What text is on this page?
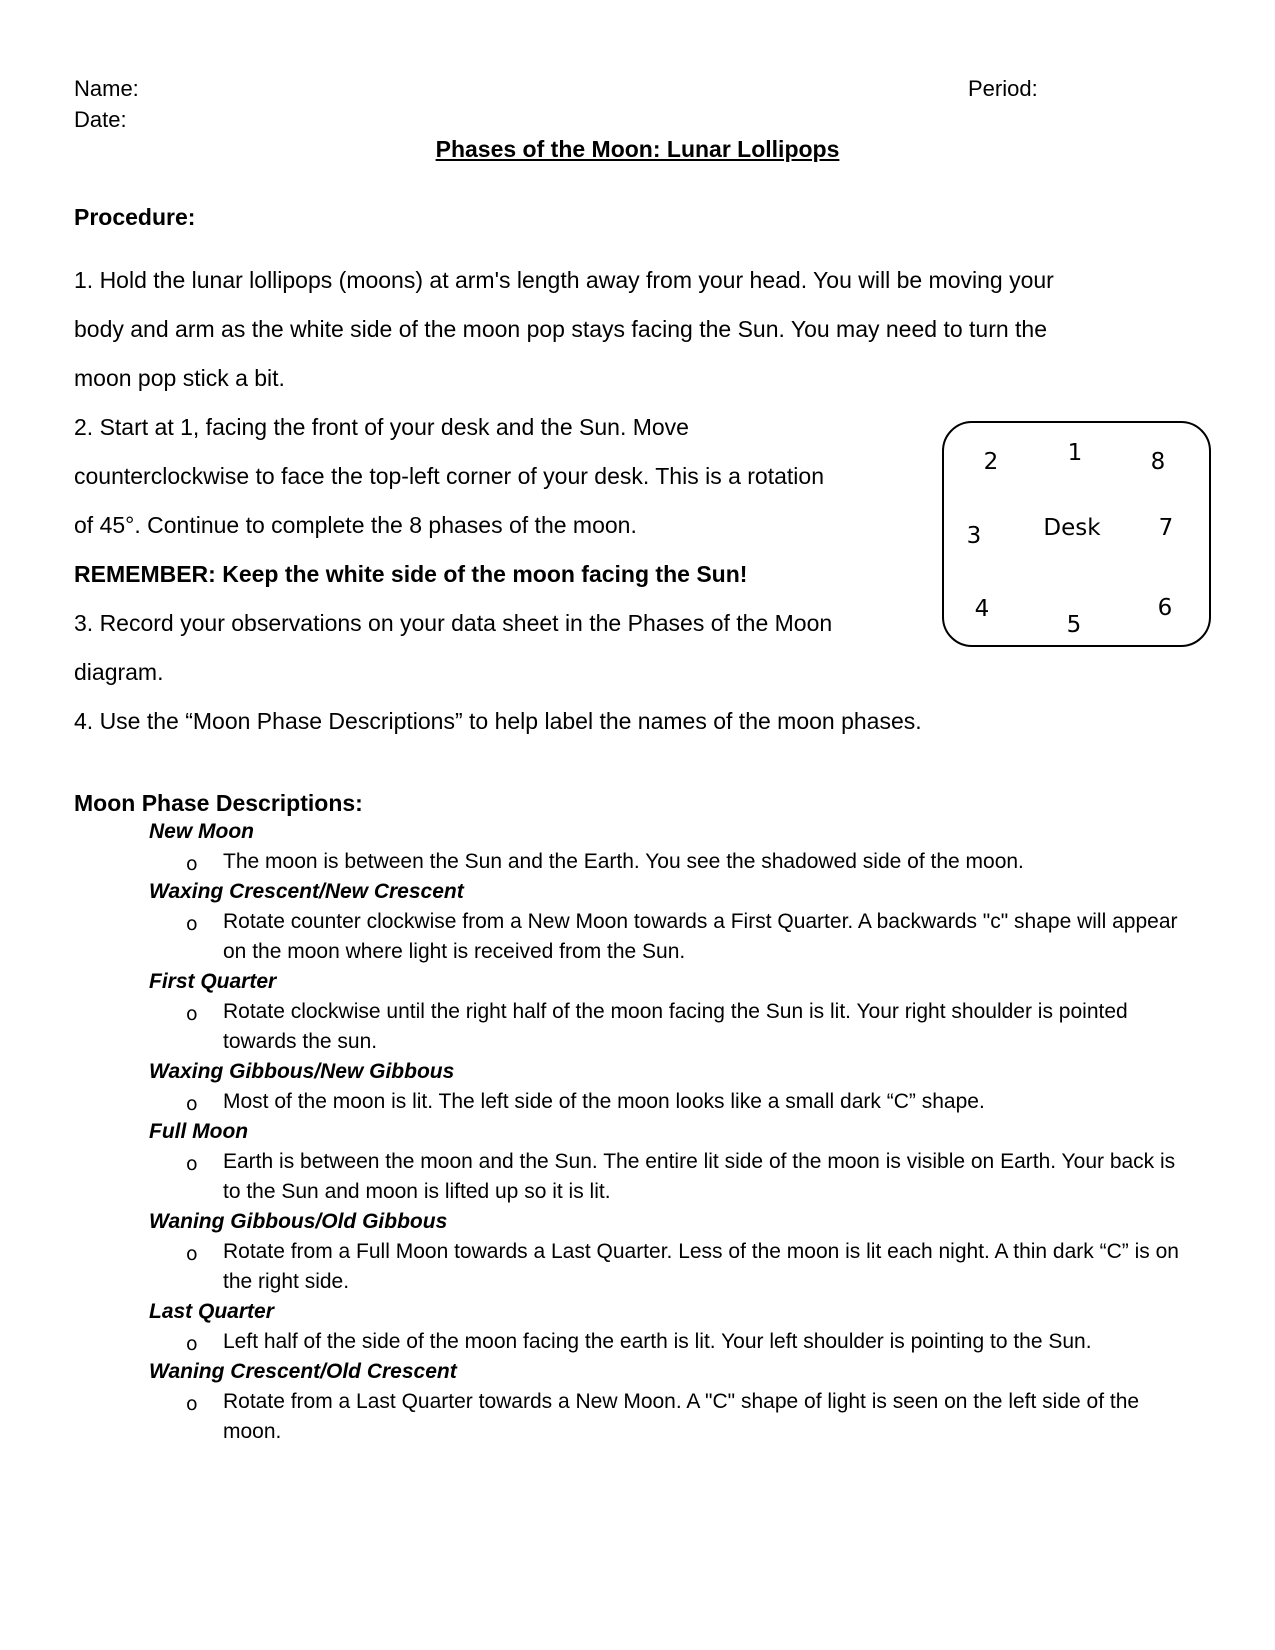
Name:
Date:
Period:
Phases of the Moon: Lunar Lollipops
Procedure:
1. Hold the lunar lollipops (moons) at arm's length away from your head. You will be moving your
body and arm as the white side of the moon pop stays facing the Sun. You may need to turn the
moon pop stick a bit.
2. Start at 1, facing the front of your desk and the Sun. Move
counterclockwise to face the top-left corner of your desk. This is a rotation
of 45°. Continue to complete the 8 phases of the moon.
REMEMBER: Keep the white side of the moon facing the Sun!
3. Record your observations on your data sheet in the Phases of the Moon
diagram.
4. Use the “Moon Phase Descriptions” to help label the names of the moon phases.
1
2
3
4
5
6
7
8
Desk
Moon Phase Descriptions:
New Moon
o The moon is between the Sun and the Earth. You see the shadowed side of the moon.
Waxing Crescent/New Crescent
o Rotate counter clockwise from a New Moon towards a First Quarter. A backwards "c" shape will appear on the moon where light is received from the Sun.
First Quarter
o Rotate clockwise until the right half of the moon facing the Sun is lit. Your right shoulder is pointed towards the sun.
Waxing Gibbous/New Gibbous
o Most of the moon is lit. The left side of the moon looks like a small dark “C” shape.
Full Moon
o Earth is between the moon and the Sun. The entire lit side of the moon is visible on Earth. Your back is to the Sun and moon is lifted up so it is lit.
Waning Gibbous/Old Gibbous
o Rotate from a Full Moon towards a Last Quarter. Less of the moon is lit each night. A thin dark “C” is on the right side.
Last Quarter
o Left half of the side of the moon facing the earth is lit. Your left shoulder is pointing to the Sun.
Waning Crescent/Old Crescent
o Rotate from a Last Quarter towards a New Moon. A "C" shape of light is seen on the left side of the moon.
